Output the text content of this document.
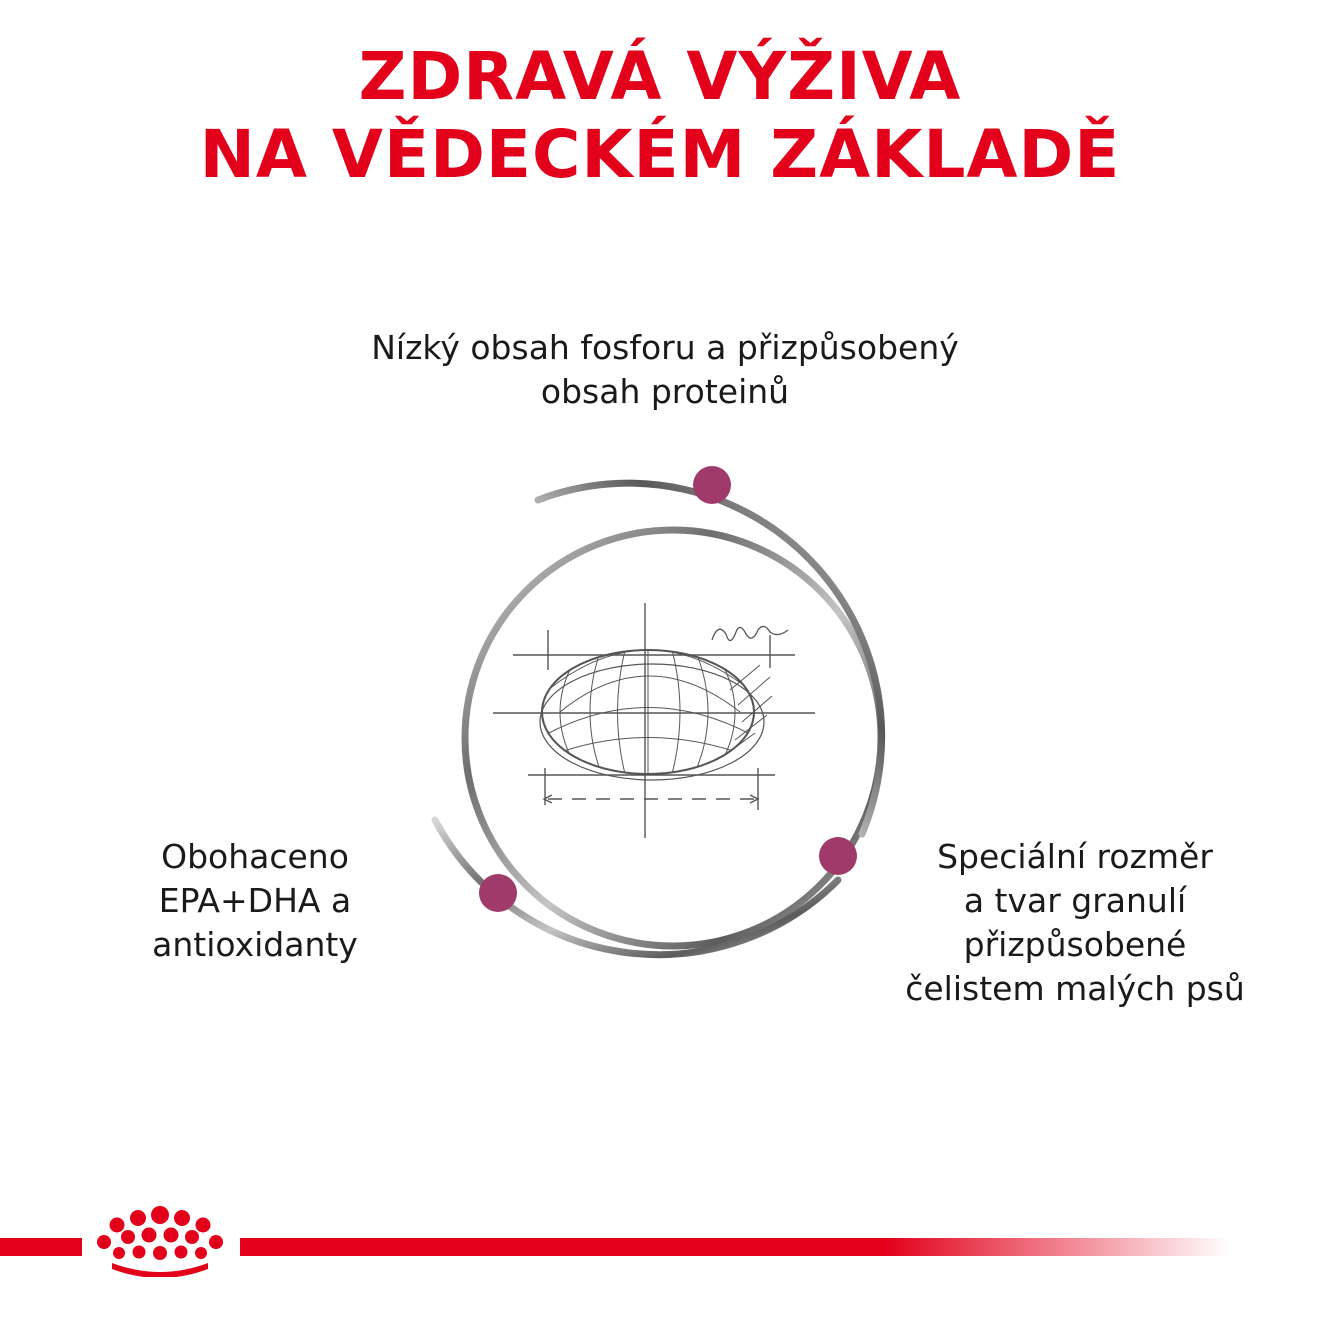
ZDRAVÁ VÝŽIVA
NA VĚDECKÉM ZÁKLADĚ
Nízký obsah fosforu a přizpůsobený
obsah proteinů
Obohaceno
EPA+DHA a
antioxidanty
Speciální rozměr
a tvar granulí
přizpůsobené
čelistem malých psů
